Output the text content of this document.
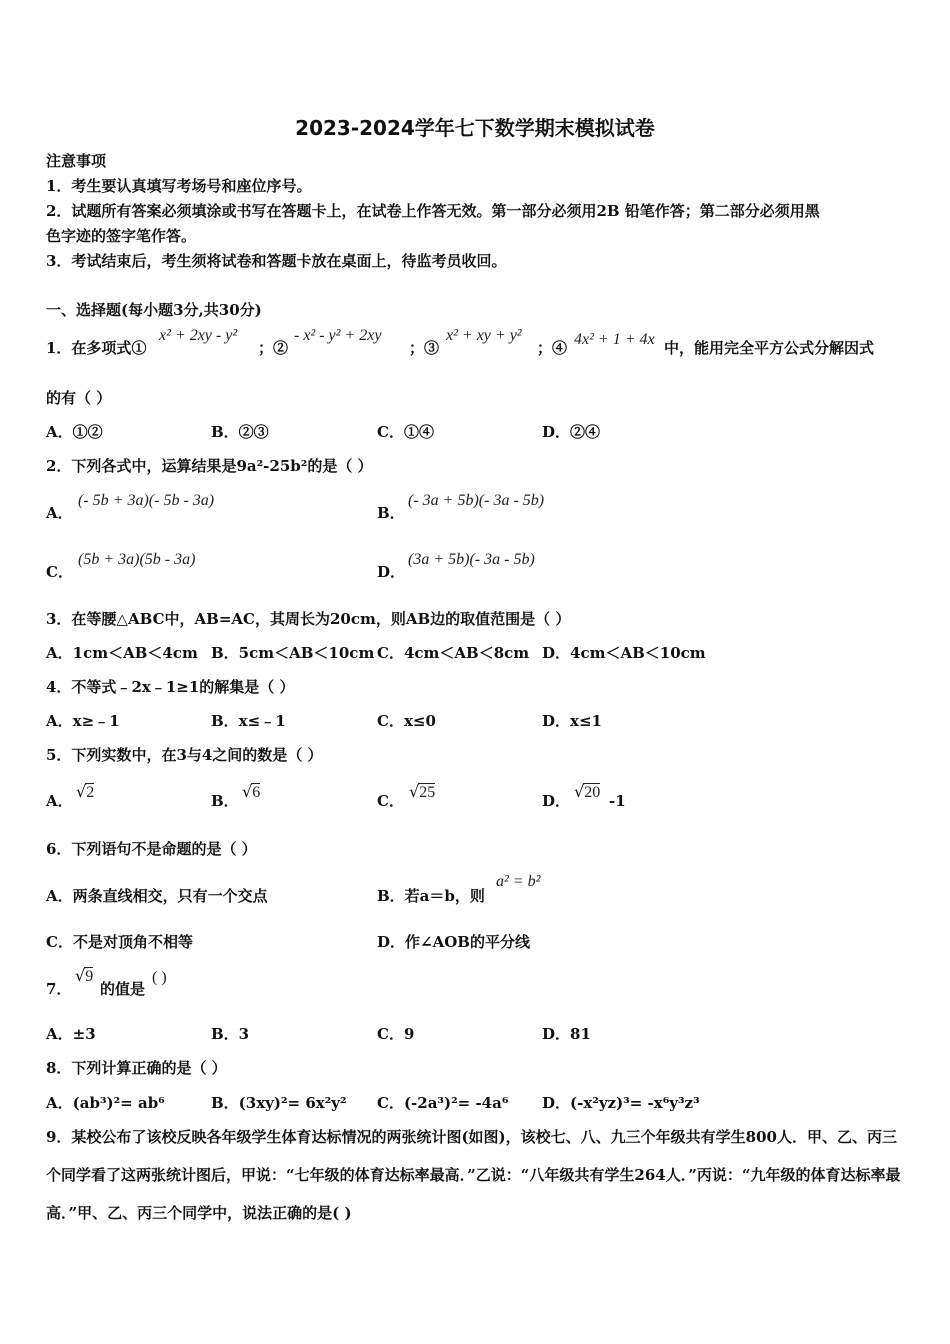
2023-2024学年七下数学期末模拟试卷
注意事项
1．考生要认真填写考场号和座位序号。
2．试题所有答案必须填涂或书写在答题卡上，在试卷上作答无效。第一部分必须用2B 铅笔作答；第二部分必须用黑
色字迹的签字笔作答。
3．考试结束后，考生须将试卷和答题卡放在桌面上，待监考员收回。
一、选择题(每小题3分,共30分)
1．在多项式①
x² + 2xy - y²
；②
- x² - y² + 2xy
；③
x² + xy + y²
；④ 4x² + 1 + 4x 中，能用完全平方公式分解因式
的有（ ）
A．①②	B．②③	C．①④	D．②④
2．下列各式中，运算结果是9a²-25b²的是（ ）
A．
(- 5b + 3a)(- 5b - 3a)
B．
(- 3a + 5b)(- 3a - 5b)
C．
(5b + 3a)(5b - 3a)
D．
(3a + 5b)(- 3a - 5b)
3．在等腰△ABC中，AB=AC，其周长为20cm，则AB边的取值范围是（ ）
A．1cm＜AB＜4cm B．5cm＜AB＜10cm C．4cm＜AB＜8cm D．4cm＜AB＜10cm
4．不等式﹣2x﹣1≥1的解集是（ ）
A．x≥﹣1	B．x≤﹣1	C．x≤0	D．x≤1
5．下列实数中，在3与4之间的数是（ ）
A． √2	B． √6	C． √25	D． √20 -1
6．下列语句不是命题的是（ ）
A．两条直线相交，只有一个交点	B．若a＝b，则
a² = b²
C．不是对顶角不相等	D．作∠AOB的平分线
7．
√9
的值是
( )
A．±3	B．3	C．9	D．81
8．下列计算正确的是（ ）
A．(ab³)²= ab⁶	B．(3xy)²= 6x²y² C．(-2a³)²= -4a⁶ D．(-x²yz)³= -x⁶y³z³
9．某校公布了该校反映各年级学生体育达标情况的两张统计图(如图)，该校七、八、九三个年级共有学生800人．甲、乙、丙三个同学看了这两张统计图后，甲说：“七年级的体育达标率最高．”乙说：“八年级共有学生264人．”丙说：“九年级的体育达标率最高．”甲、乙、丙三个同学中，说法正确的是( )
